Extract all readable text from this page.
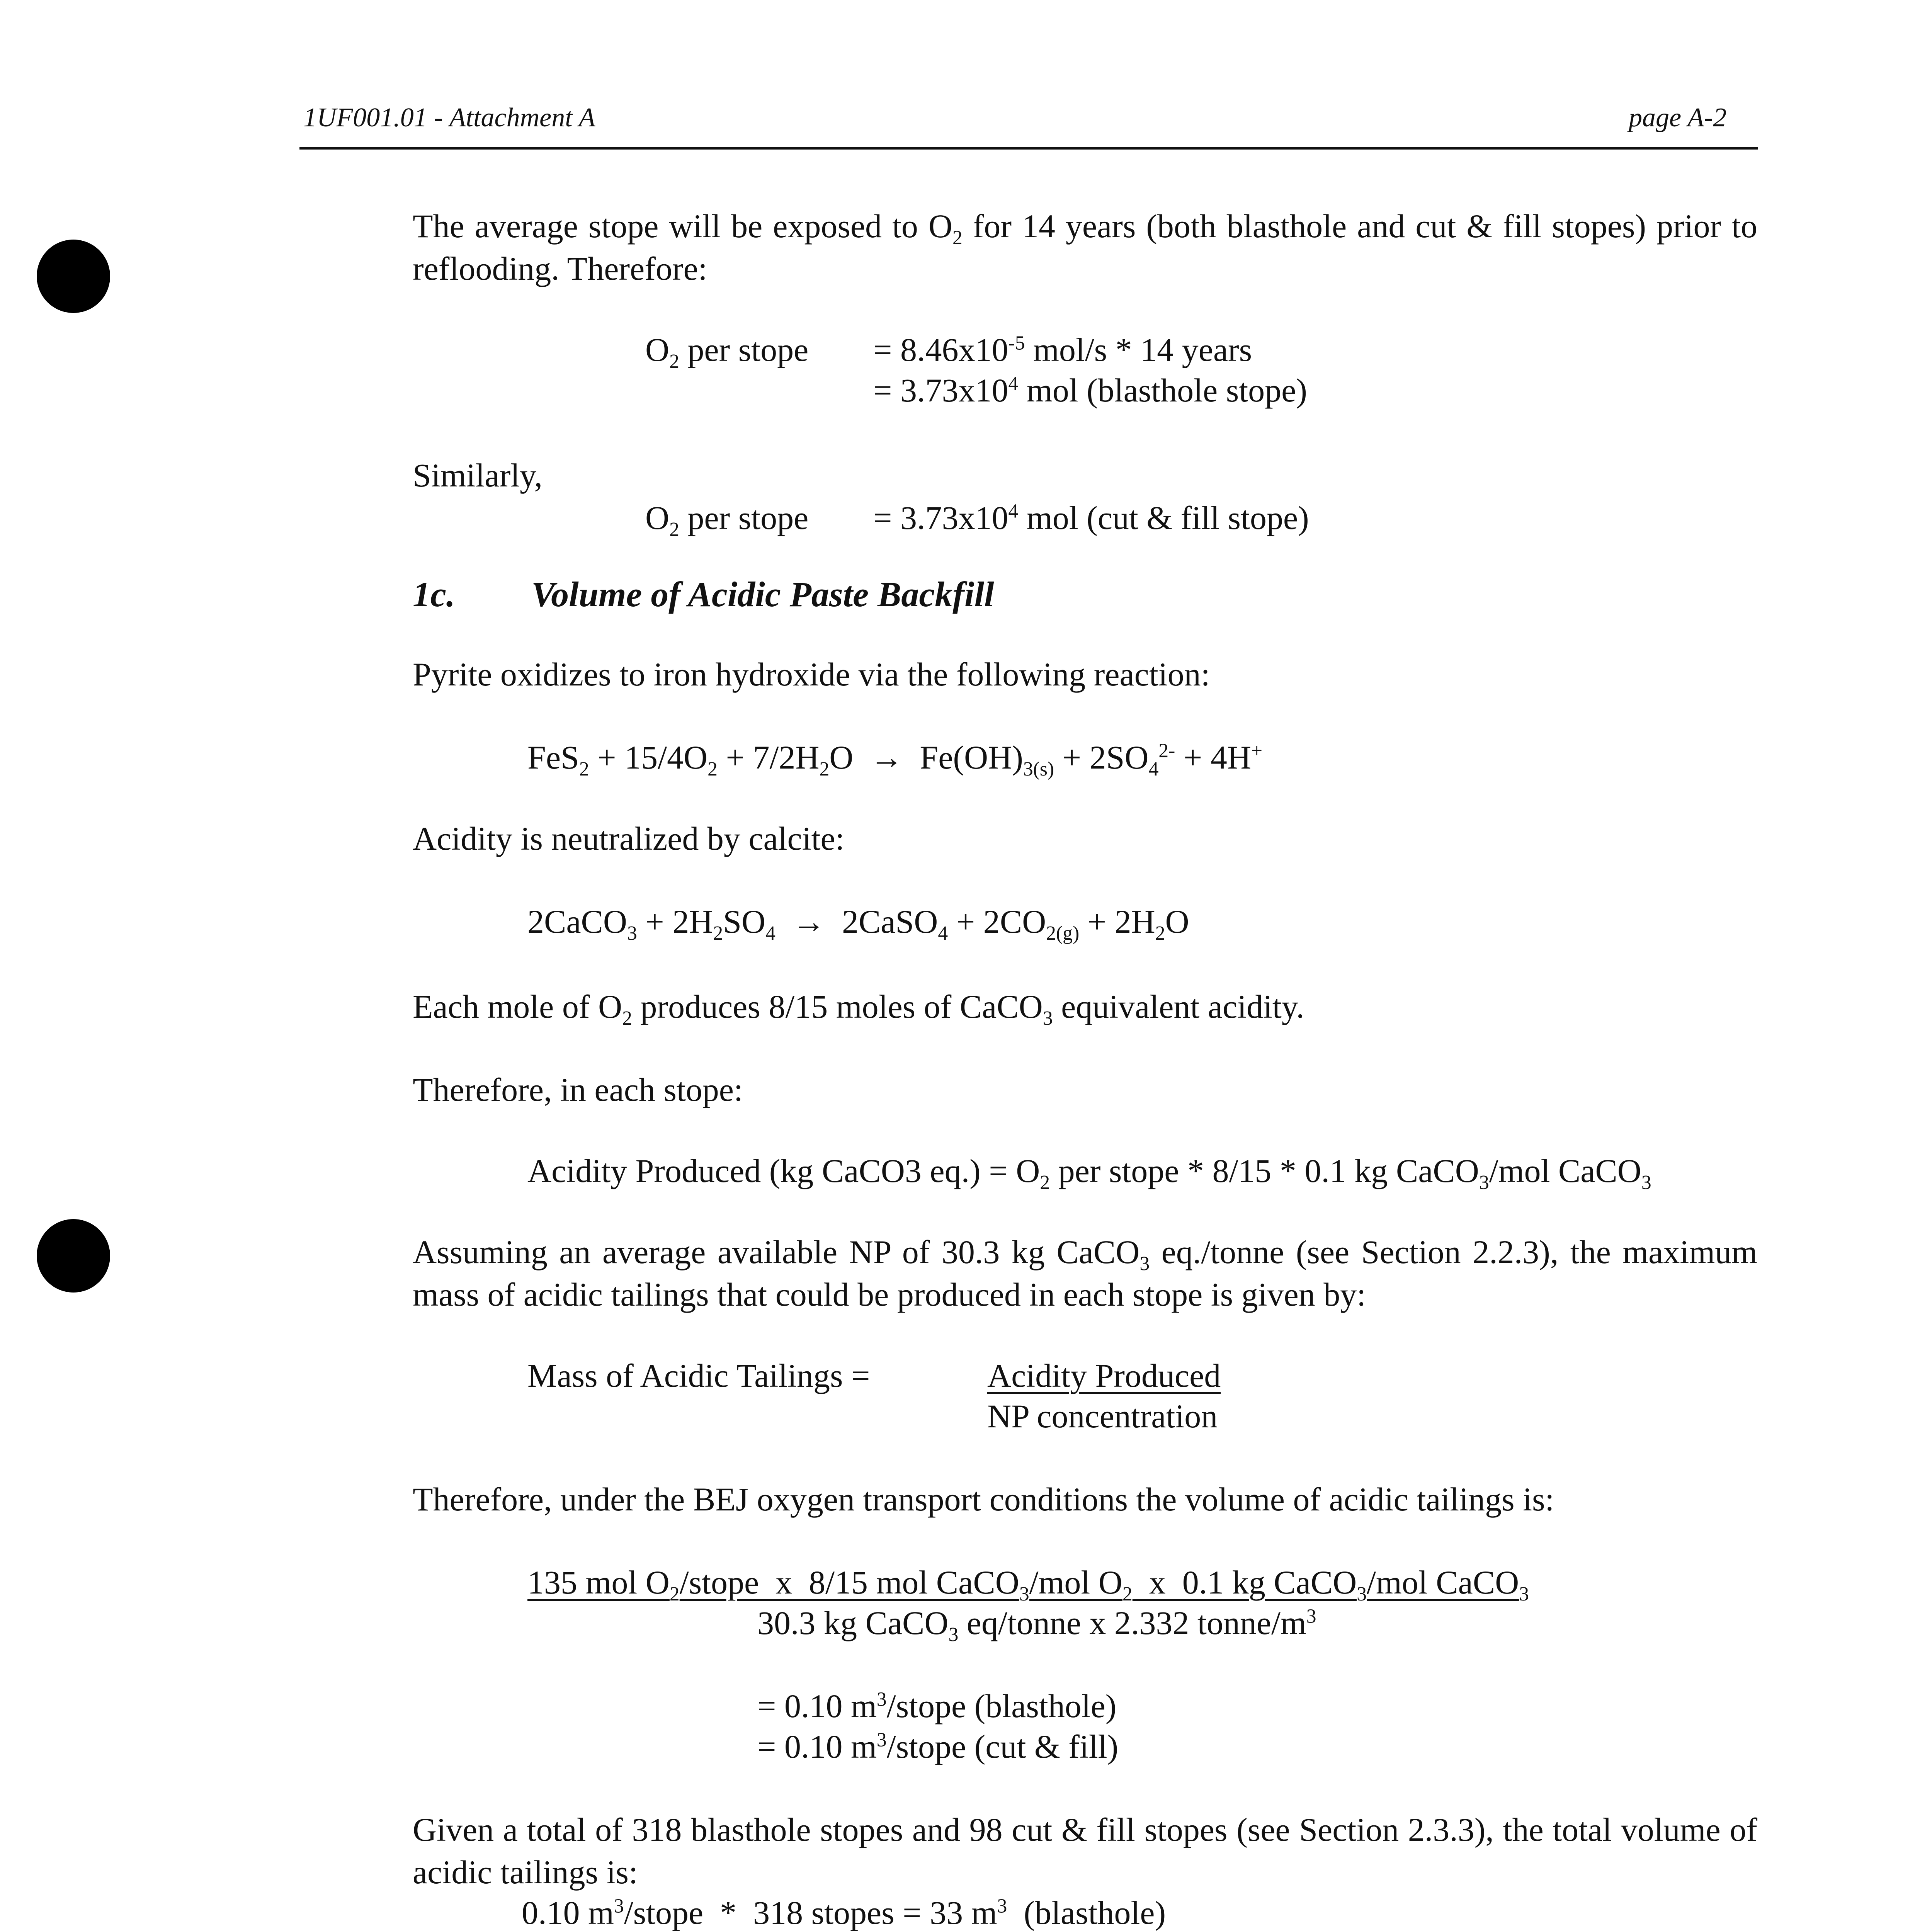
1UF001.01 - Attachment A	page A-2
The average stope will be exposed to $O_2$ for 14 years (both blasthole and cut & fill stopes) prior to reflooding. Therefore:
$O_2$ per stope = $8.46x10^{-5}$ mol/s * 14 years
= $3.73x10^4$ mol (blasthole stope)
Similarly,
$O_2$ per stope = $3.73x10^4$ mol (cut & fill stope)
1c. Volume of Acidic Paste Backfill
Pyrite oxidizes to iron hydroxide via the following reaction:
$FeS_2 + 15/4O_2 + 7/2H_2O \to Fe(OH)_{3(s)} + 2SO_4^{2-} + 4H^+$
Acidity is neutralized by calcite:
2CaCO$_3$ + $2H_2SO_4$  →  2CaSO$_4$ + $2CO_{2(g)} + 2H_2O$
Each mole of $O_2$ produces 8/15 moles of CaCO$_3$ equivalent acidity.
Therefore, in each stope:
Acidity Produced (kg CaCO3 $eq.) = O_2$ per stope * 8/15 * 0.1 kg CaCO$_3$/mol CaCO$_3$
Assuming an average available NP of 30.3 kg CaCO$_3$ eq./tonne (see Section 2.2.3), the maximum mass of acidic tailings that could be produced in each stope is given by:
Mass of Acidic Tailings =	Acidity Produced
NP concentration
Therefore, under the BEJ oxygen transport conditions the volume of acidic tailings is:
135 mol $O_2$/stope  x  8/15 mol CaCO$_3$/mol $O_2$  x  0.1 kg CaCO$_3$/mol CaCO$_3$
30.3 kg CaCO$_3$ eq/tonne x 2.332 tonne/$m^3$
= 0.10 $m^3$/stope (blasthole)
= 0.10 $m^3$/stope (cut & fill)
Given a total of 318 blasthole stopes and 98 cut & fill stopes (see Section 2.3.3), the total volume of acidic tailings is:
0.10 $m^3$/stope  *  318 stopes = 33 $m^3$  (blasthole)
